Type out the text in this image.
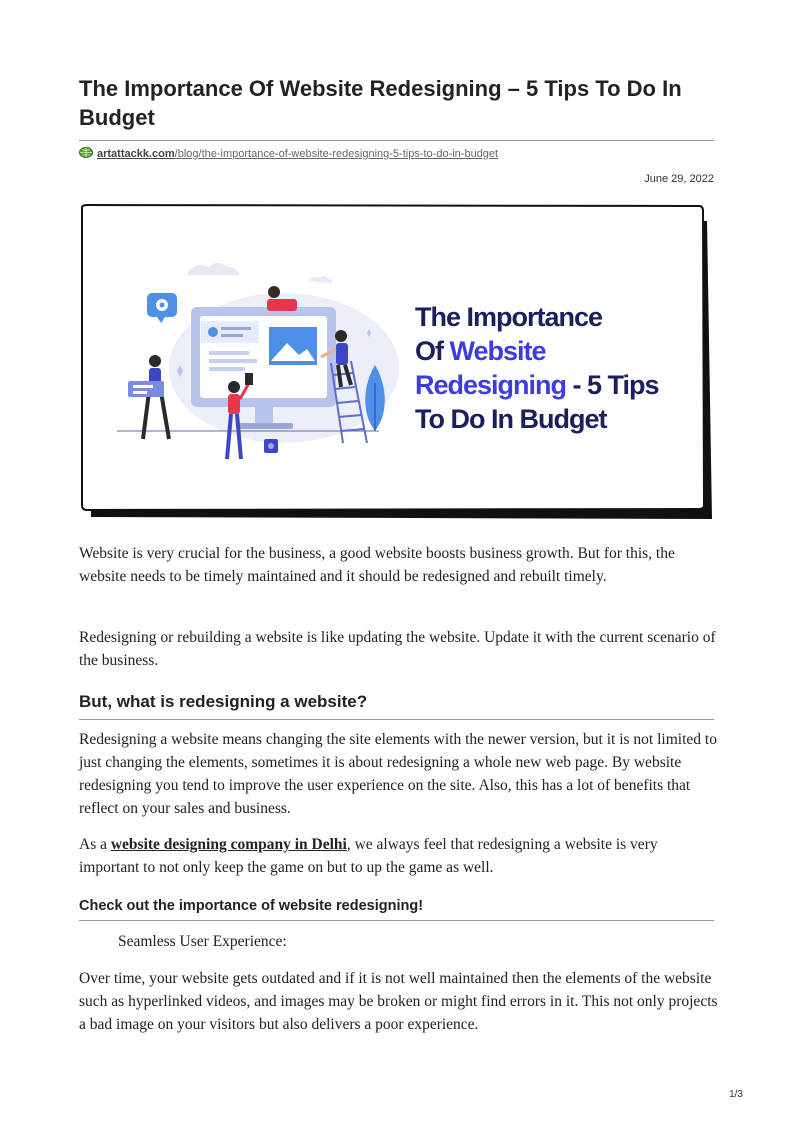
The Importance Of Website Redesigning – 5 Tips To Do In Budget
artattackk.com/blog/the-importance-of-website-redesigning-5-tips-to-do-in-budget
June 29, 2022
The Importance Of Website Redesigning - 5 Tips To Do In Budget

Website is very crucial for the business, a good website boosts business growth. But for this, the website needs to be timely maintained and it should be redesigned and rebuilt timely.

Redesigning or rebuilding a website is like updating the website. Update it with the current scenario of the business.

But, what is redesigning a website?

Redesigning a website means changing the site elements with the newer version, but it is not limited to just changing the elements, sometimes it is about redesigning a whole new web page. By website redesigning you tend to improve the user experience on the site. Also, this has a lot of benefits that reflect on your sales and business.

As a website designing company in Delhi, we always feel that redesigning a website is very important to not only keep the game on but to up the game as well.

Check out the importance of website redesigning!

Seamless User Experience:

Over time, your website gets outdated and if it is not well maintained then the elements of the website such as hyperlinked videos, and images may be broken or might find errors in it. This not only projects a bad image on your visitors but also delivers a poor experience.

1/3
